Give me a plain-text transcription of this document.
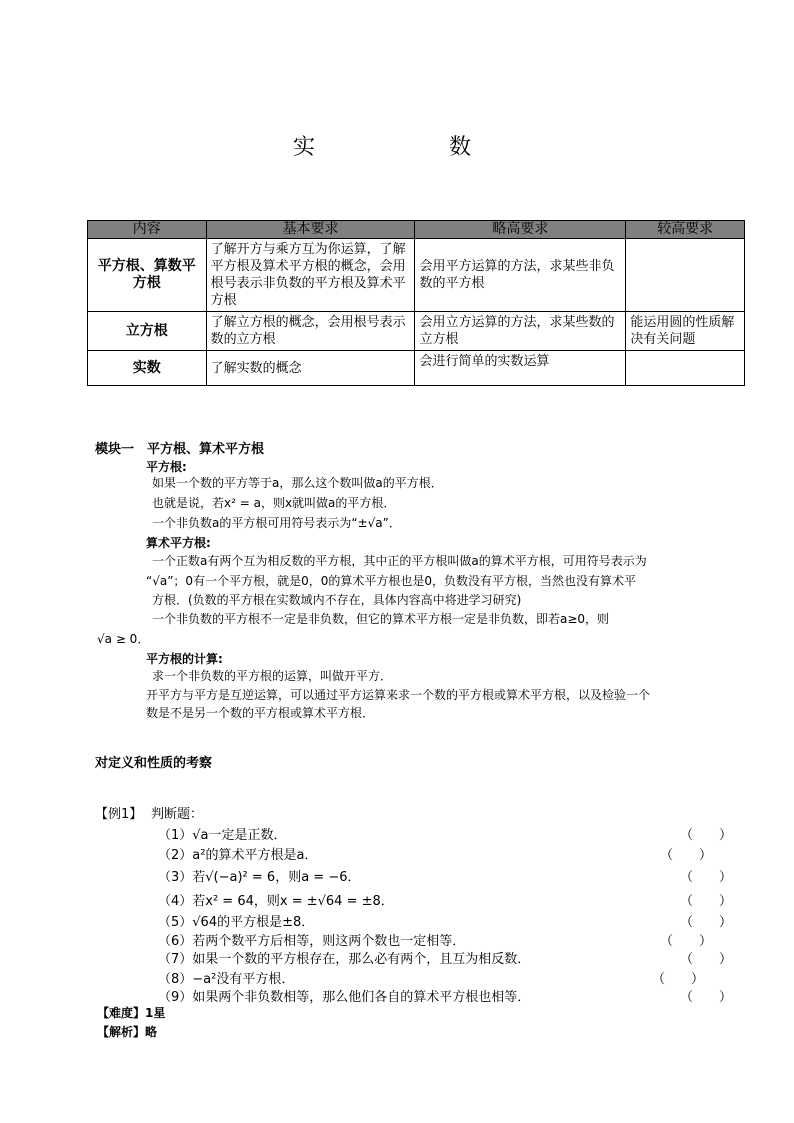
实　　数
内容	基本要求	略高要求	较高要求
平方根、算数平方根	了解开方与乘方互为你运算，了解平方根及算术平方根的概念，会用根号表示非负数的平方根及算术平方根	会用平方运算的方法，求某些非负数的平方根	
立方根	了解立方根的概念，会用根号表示数的立方根	会用立方运算的方法，求某些数的立方根	能运用圆的性质解决有关问题
实数	了解实数的概念	会进行简单的实数运算	
模块一　平方根、算术平方根
平方根:
如果一个数的平方等于a，那么这个数叫做a的平方根．
也就是说，若x² = a，则x就叫做a的平方根．
一个非负数a的平方根可用符号表示为“±√a”．
算术平方根:
一个正数a有两个互为相反数的平方根，其中正的平方根叫做a的算术平方根，可用符号表示为
“√a”；0有一个平方根，就是0，0的算术平方根也是0，负数没有平方根，当然也没有算术平
方根．(负数的平方根在实数域内不存在，具体内容高中将进学习研究)
一个非负数的平方根不一定是非负数，但它的算术平方根一定是非负数，即若a≥0，则
√a ≥ 0．
平方根的计算:
求一个非负数的平方根的运算，叫做开平方．
开平方与平方是互逆运算，可以通过平方运算来求一个数的平方根或算术平方根，以及检验一个
数是不是另一个数的平方根或算术平方根．
对定义和性质的考察
【例1】 判断题：
（1）√a一定是正数．	（　　）
（2）a²的算术平方根是a．	（　　）
（3）若√(−a)² = 6，则a = −6．	（　　）
（4）若x² = 64，则x = ±√64 = ±8．	（　　）
（5）√64的平方根是±8．	（　　）
（6）若两个数平方后相等，则这两个数也一定相等．	（　　）
（7）如果一个数的平方根存在，那么必有两个，且互为相反数．	（　　）
（8）−a²没有平方根．	（　　）
（9）如果两个非负数相等，那么他们各自的算术平方根也相等．	（　　）
【难度】1星
【解析】略
